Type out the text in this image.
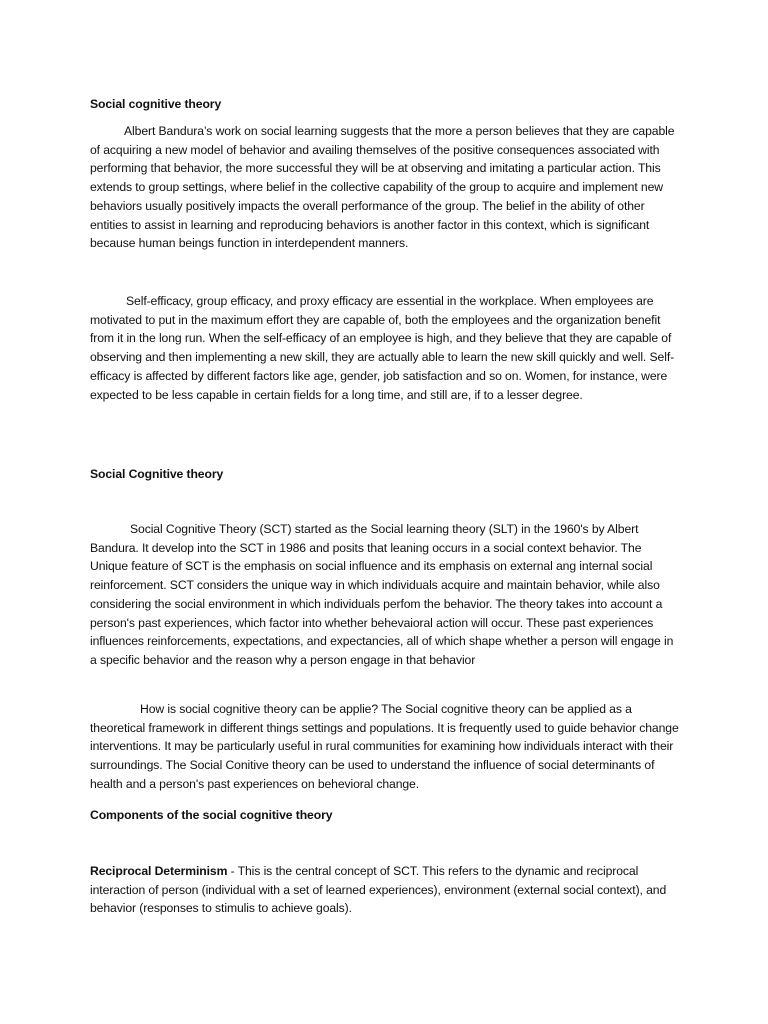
Social cognitive theory

Albert Bandura’s work on social learning suggests that the more a person believes that they are capable of acquiring a new model of behavior and availing themselves of the positive consequences associated with performing that behavior, the more successful they will be at observing and imitating a particular action. This extends to group settings, where belief in the collective capability of the group to acquire and implement new behaviors usually positively impacts the overall performance of the group. The belief in the ability of other entities to assist in learning and reproducing behaviors is another factor in this context, which is significant because human beings function in interdependent manners.

Self-efficacy, group efficacy, and proxy efficacy are essential in the workplace. When employees are motivated to put in the maximum effort they are capable of, both the employees and the organization benefit from it in the long run. When the self-efficacy of an employee is high, and they believe that they are capable of observing and then implementing a new skill, they are actually able to learn the new skill quickly and well. Self-efficacy is affected by different factors like age, gender, job satisfaction and so on. Women, for instance, were expected to be less capable in certain fields for a long time, and still are, if to a lesser degree.

Social Cognitive theory

Social Cognitive Theory (SCT) started as the Social learning theory (SLT) in the 1960's by Albert Bandura. It develop into the SCT in 1986 and posits that leaning occurs in a social context behavior. The Unique feature of SCT is the emphasis on social influence and its emphasis on external ang internal social reinforcement. SCT considers the unique way in which individuals acquire and maintain behavior, while also considering the social environment in which individuals perfom the behavior. The theory takes into account a person's past experiences, which factor into whether behevaioral action will occur. These past experiences influences reinforcements, expectations, and expectancies, all of which shape whether a person will engage in a specific behavior and the reason why a person engage in that behavior

How is social cognitive theory can be applie? The Social cognitive theory can be applied as a theoretical framework in different things settings and populations. It is frequently used to guide behavior change interventions. It may be particularly useful in rural communities for examining how individuals interact with their surroundings. The Social Conitive theory can be used to understand the influence of social determinants of health and a person's past experiences on behevioral change.

Components of the social cognitive theory

Reciprocal Determinism - This is the central concept of SCT. This refers to the dynamic and reciprocal interaction of person (individual with a set of learned experiences), environment (external social context), and behavior (responses to stimulis to achieve goals).
